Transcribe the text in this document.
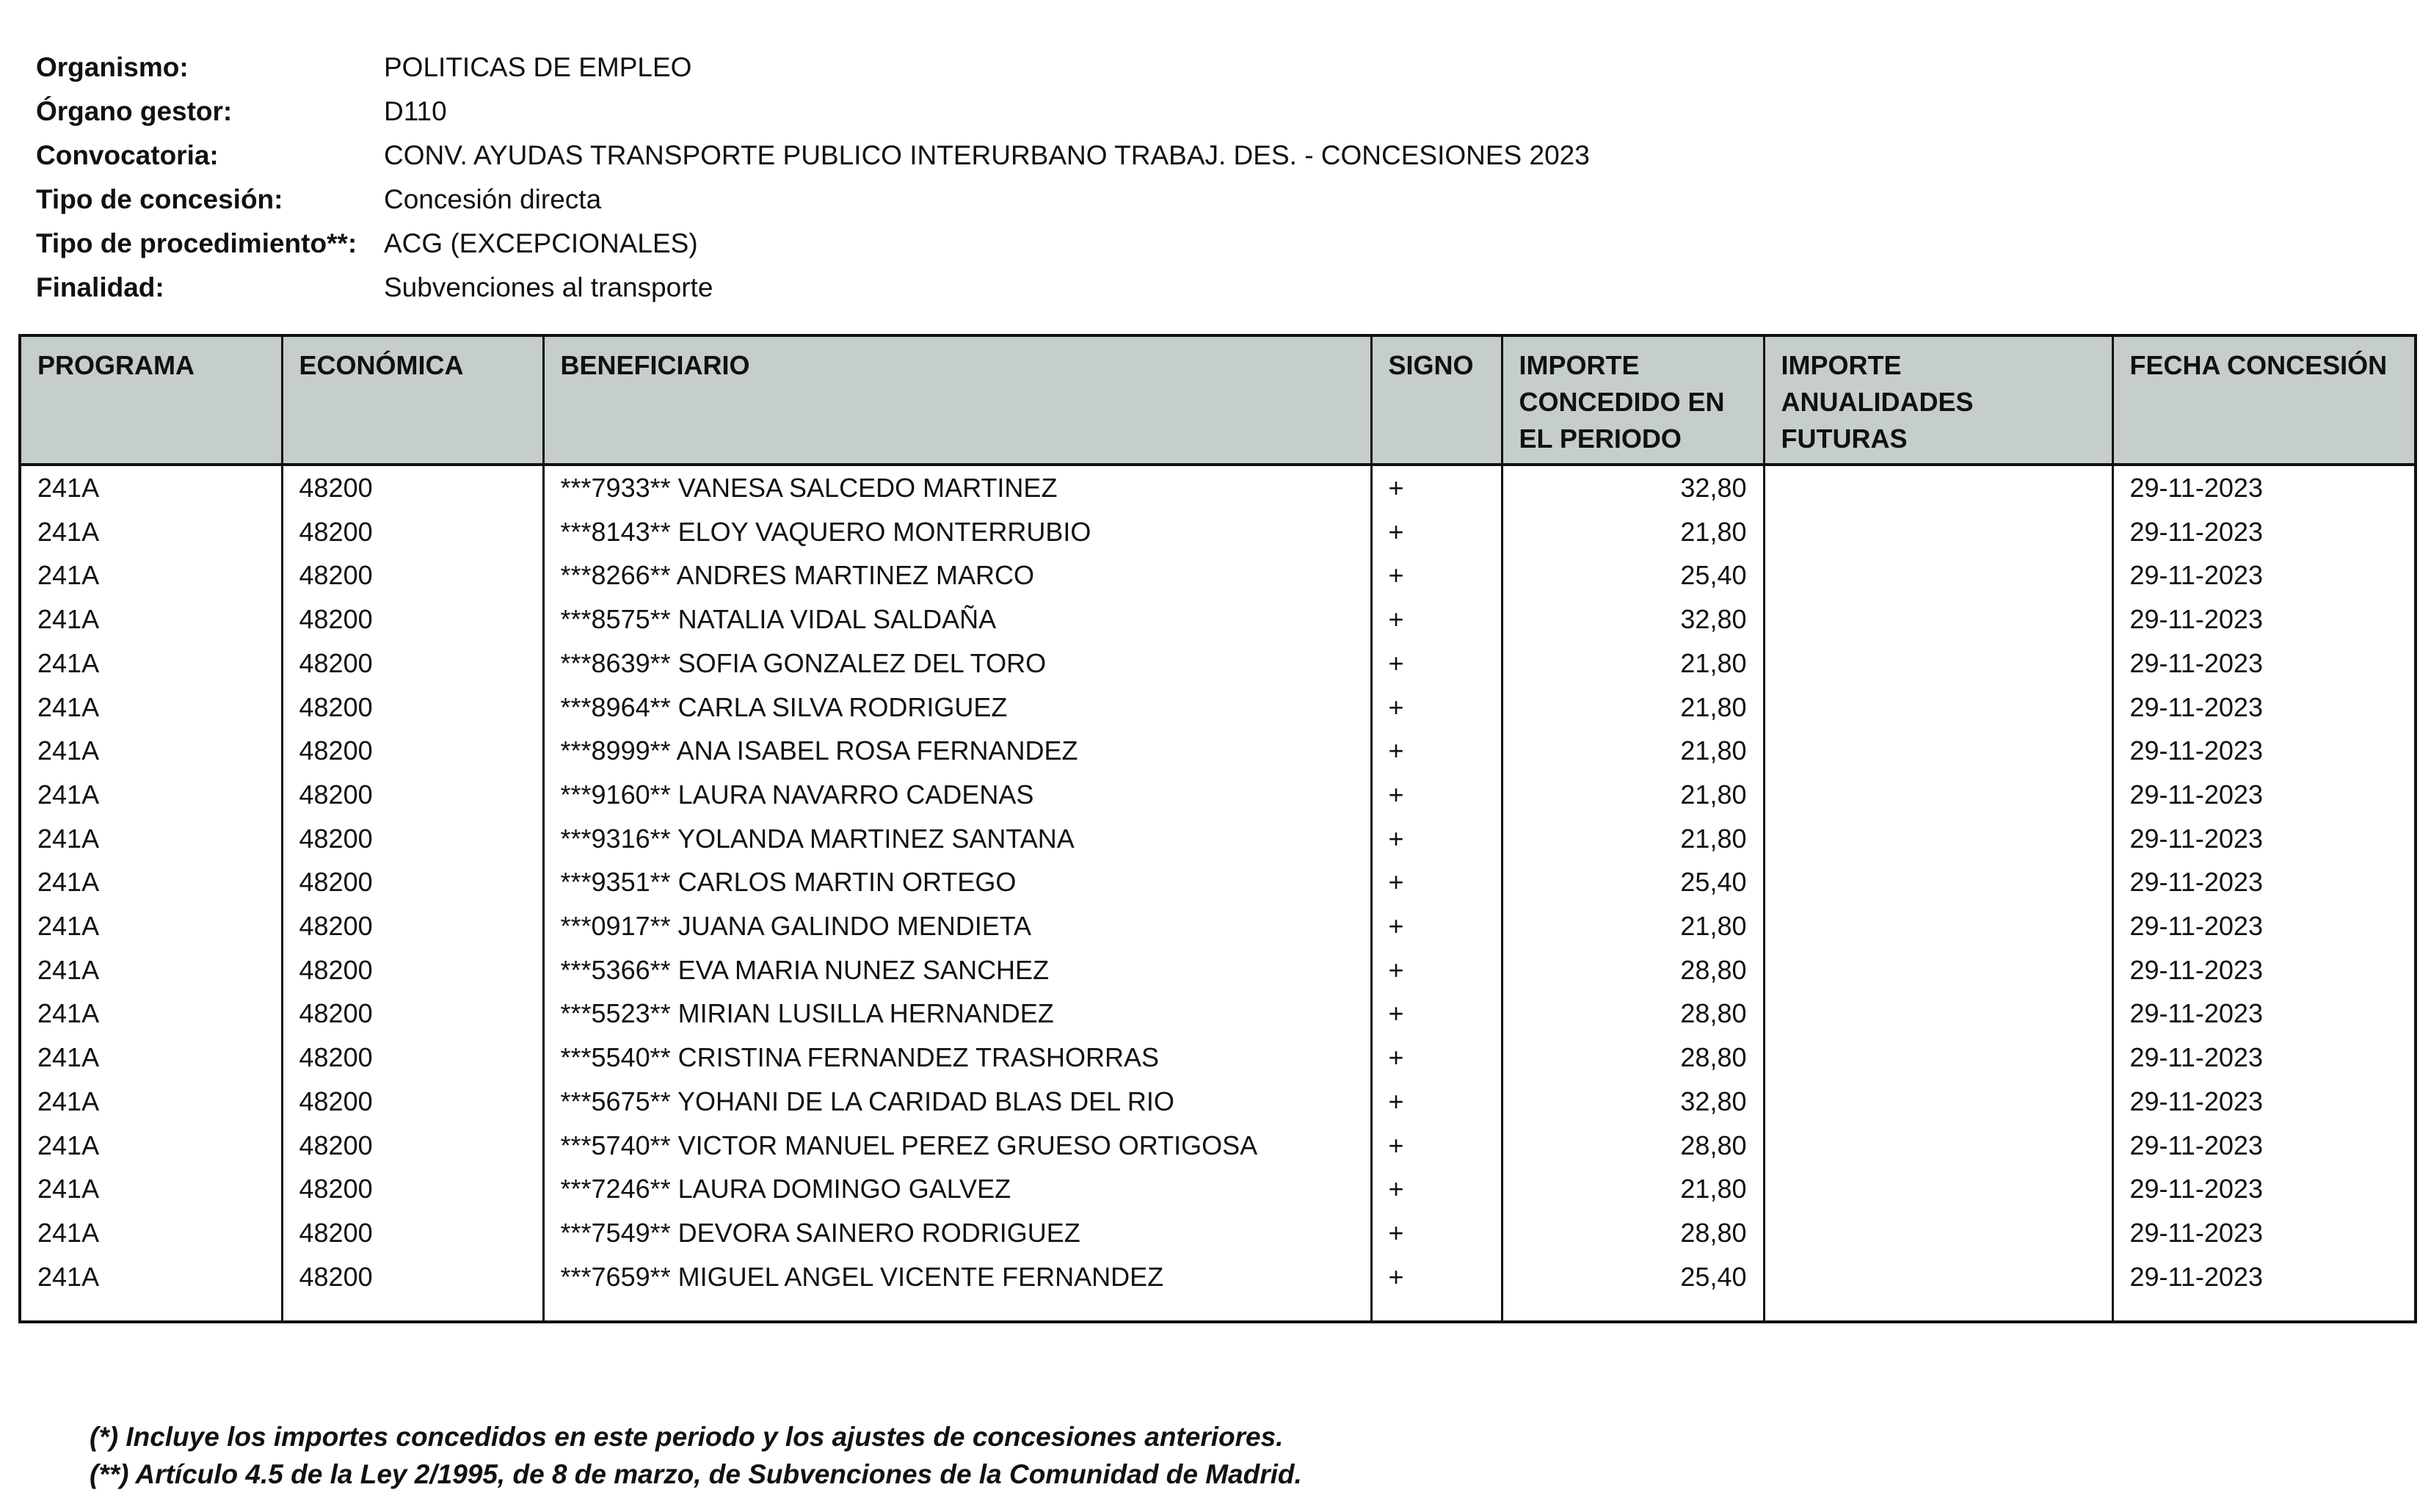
Organismo:	POLITICAS DE EMPLEO
Órgano gestor:	D110
Convocatoria:	CONV. AYUDAS TRANSPORTE PUBLICO INTERURBANO TRABAJ. DES. - CONCESIONES 2023
Tipo de concesión:	Concesión directa
Tipo de procedimiento**: ACG (EXCEPCIONALES)
Finalidad:	Subvenciones al transporte
PROGRAMA	ECONÓMICA	BENEFICIARIO	SIGNO	IMPORTE CONCEDIDO EN EL PERIODO	IMPORTE ANUALIDADES FUTURAS	FECHA CONCESIÓN
241A	48200	***7933** VANESA SALCEDO MARTINEZ	+	32,80		29-11-2023
241A	48200	***8143** ELOY VAQUERO MONTERRUBIO	+	21,80		29-11-2023
241A	48200	***8266** ANDRES MARTINEZ MARCO	+	25,40		29-11-2023
241A	48200	***8575** NATALIA VIDAL SALDAÑA	+	32,80		29-11-2023
241A	48200	***8639** SOFIA GONZALEZ DEL TORO	+	21,80		29-11-2023
241A	48200	***8964** CARLA SILVA RODRIGUEZ	+	21,80		29-11-2023
241A	48200	***8999** ANA ISABEL ROSA FERNANDEZ	+	21,80		29-11-2023
241A	48200	***9160** LAURA NAVARRO CADENAS	+	21,80		29-11-2023
241A	48200	***9316** YOLANDA MARTINEZ SANTANA	+	21,80		29-11-2023
241A	48200	***9351** CARLOS MARTIN ORTEGO	+	25,40		29-11-2023
241A	48200	***0917** JUANA GALINDO MENDIETA	+	21,80		29-11-2023
241A	48200	***5366** EVA MARIA NUNEZ SANCHEZ	+	28,80		29-11-2023
241A	48200	***5523** MIRIAN LUSILLA HERNANDEZ	+	28,80		29-11-2023
241A	48200	***5540** CRISTINA FERNANDEZ TRASHORRAS	+	28,80		29-11-2023
241A	48200	***5675** YOHANI DE LA CARIDAD BLAS DEL RIO	+	32,80		29-11-2023
241A	48200	***5740** VICTOR MANUEL PEREZ GRUESO ORTIGOSA	+	28,80		29-11-2023
241A	48200	***7246** LAURA DOMINGO GALVEZ	+	21,80		29-11-2023
241A	48200	***7549** DEVORA SAINERO RODRIGUEZ	+	28,80		29-11-2023
241A	48200	***7659** MIGUEL ANGEL VICENTE FERNANDEZ	+	25,40		29-11-2023

(*) Incluye los importes concedidos en este periodo y los ajustes de concesiones anteriores.
(**) Artículo 4.5 de la Ley 2/1995, de 8 de marzo, de Subvenciones de la Comunidad de Madrid.
